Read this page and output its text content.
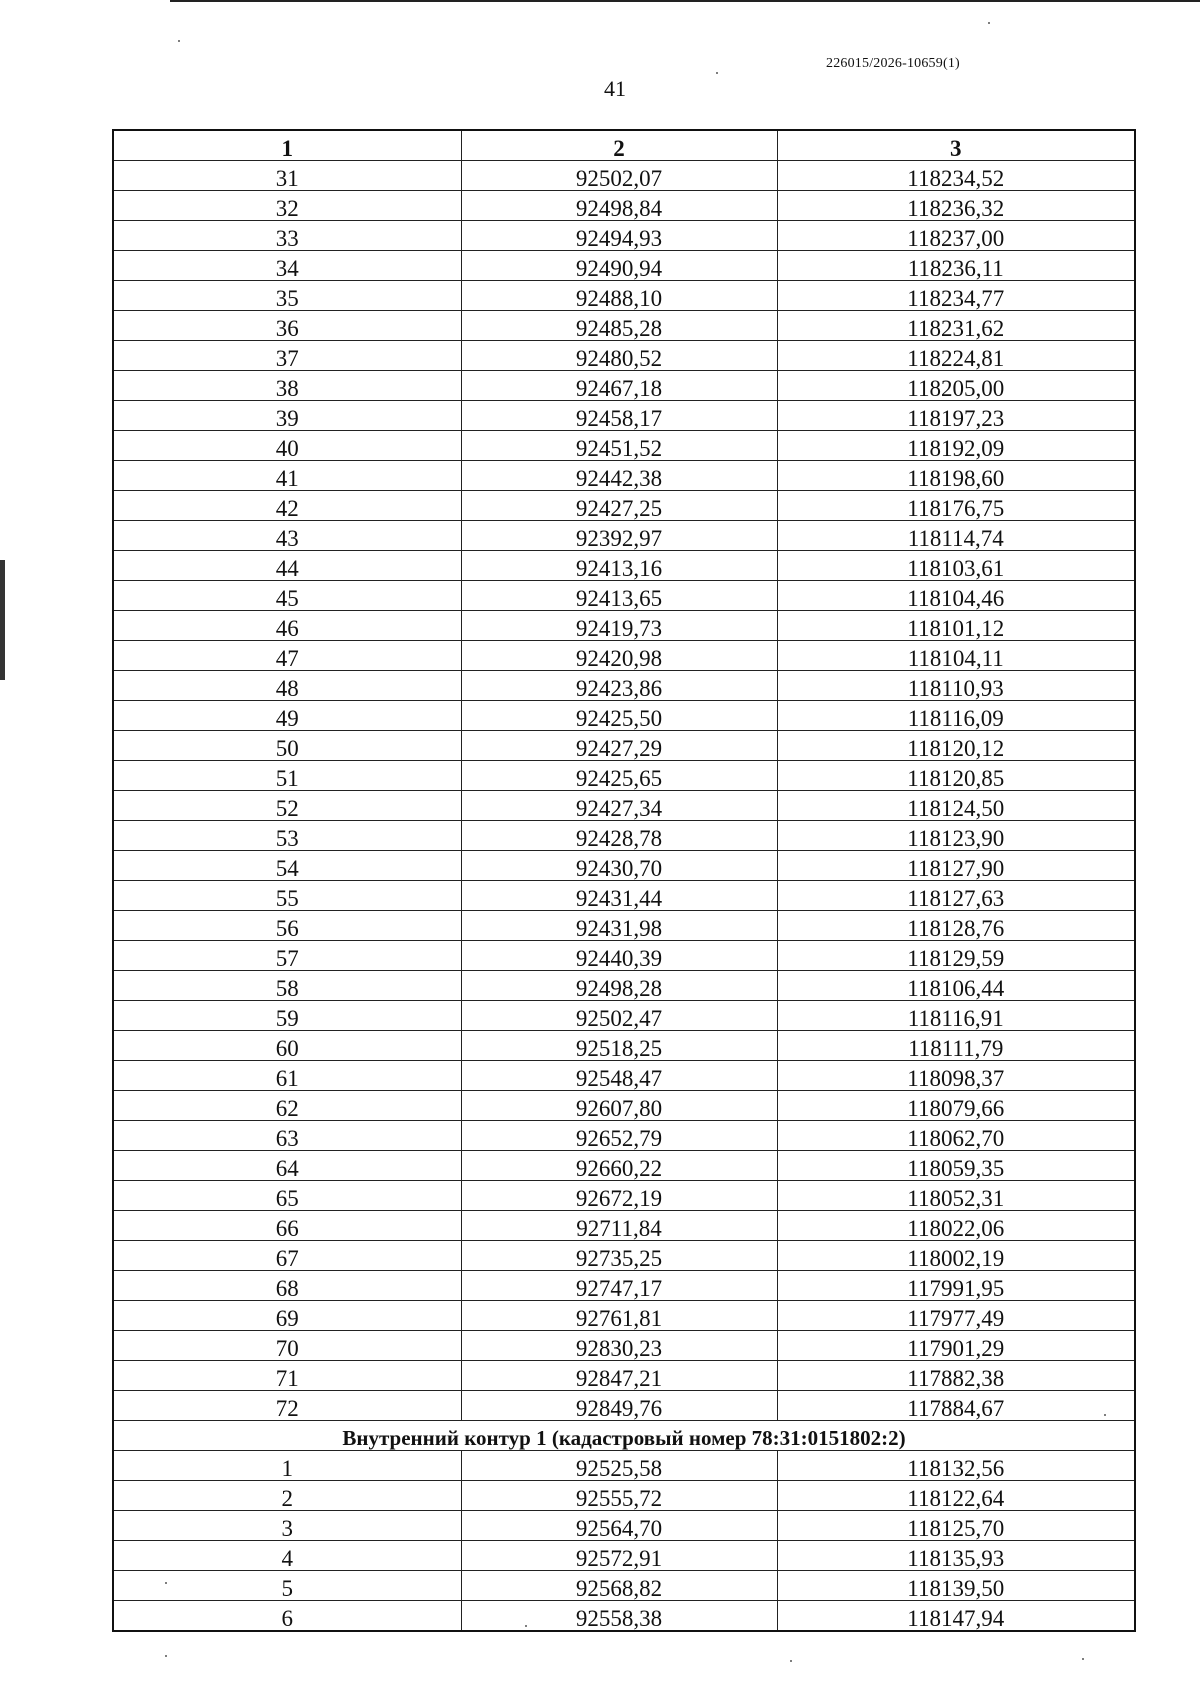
226015/2026-10659(1)
41
1	2	3
31	92502,07	118234,52
32	92498,84	118236,32
33	92494,93	118237,00
34	92490,94	118236,11
35	92488,10	118234,77
36	92485,28	118231,62
37	92480,52	118224,81
38	92467,18	118205,00
39	92458,17	118197,23
40	92451,52	118192,09
41	92442,38	118198,60
42	92427,25	118176,75
43	92392,97	118114,74
44	92413,16	118103,61
45	92413,65	118104,46
46	92419,73	118101,12
47	92420,98	118104,11
48	92423,86	118110,93
49	92425,50	118116,09
50	92427,29	118120,12
51	92425,65	118120,85
52	92427,34	118124,50
53	92428,78	118123,90
54	92430,70	118127,90
55	92431,44	118127,63
56	92431,98	118128,76
57	92440,39	118129,59
58	92498,28	118106,44
59	92502,47	118116,91
60	92518,25	118111,79
61	92548,47	118098,37
62	92607,80	118079,66
63	92652,79	118062,70
64	92660,22	118059,35
65	92672,19	118052,31
66	92711,84	118022,06
67	92735,25	118002,19
68	92747,17	117991,95
69	92761,81	117977,49
70	92830,23	117901,29
71	92847,21	117882,38
72	92849,76	117884,67
Внутренний контур 1 (кадастровый номер 78:31:0151802:2)		
1	92525,58	118132,56
2	92555,72	118122,64
3	92564,70	118125,70
4	92572,91	118135,93
5	92568,82	118139,50
6	92558,38	118147,94
